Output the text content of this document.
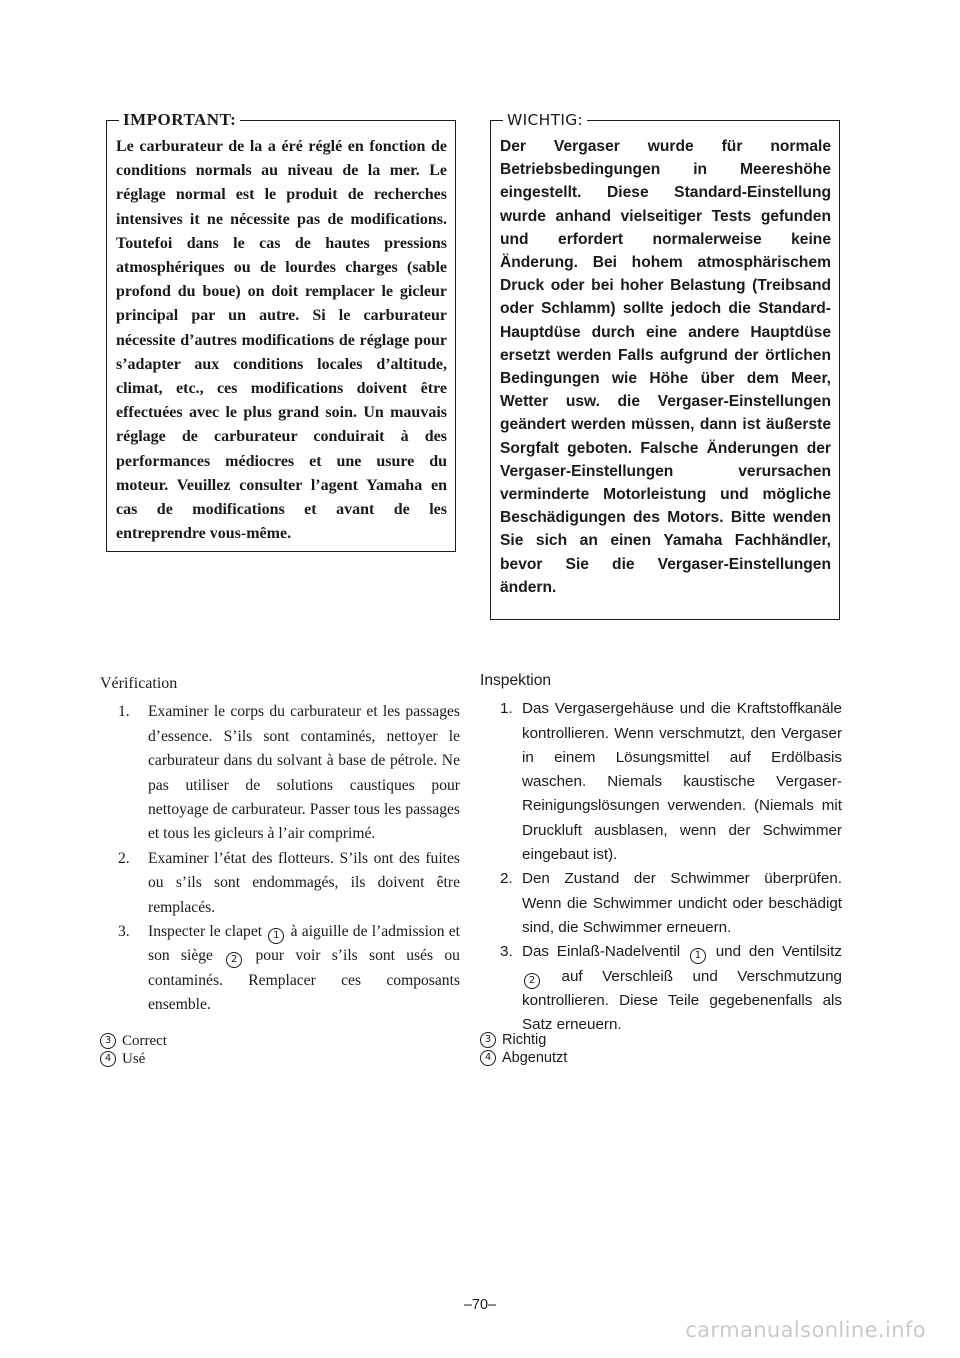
IMPORTANT:

Le carburateur de la a éré réglé en fonction de conditions normals au niveau de la mer. Le réglage normal est le produit de recherches intensives it ne nécessite pas de modifications. Toutefoi dans le cas de hautes pressions atmosphériques ou de lourdes charges (sable profond du boue) on doit remplacer le gicleur principal par un autre. Si le carburateur nécessite d’autres modifications de réglage pour s’adapter aux conditions locales d’altitude, climat, etc., ces modifications doivent être effectuées avec le plus grand soin. Un mauvais réglage de carburateur conduirait à des performances médiocres et une usure du moteur. Veuillez consulter l’agent Yamaha en cas de modifications et avant de les entreprendre vous-même.

WICHTIG:

Der Vergaser wurde für normale Betriebsbedingungen in Meereshöhe eingestellt. Diese Standard-Einstellung wurde anhand vielseitiger Tests gefunden und erfordert normalerweise keine Änderung. Bei hohem atmosphärischem Druck oder bei hoher Belastung (Treibsand oder Schlamm) sollte jedoch die Standard-Hauptdüse durch eine andere Hauptdüse ersetzt werden Falls aufgrund der örtlichen Bedingungen wie Höhe über dem Meer, Wetter usw. die Vergaser-Einstellungen geändert werden müssen, dann ist äußerste Sorgfalt geboten. Falsche Änderungen der Vergaser-Einstellungen verursachen verminderte Motorleistung und mögliche Beschädigungen des Motors. Bitte wenden Sie sich an einen Yamaha Fachhändler, bevor Sie die Vergaser-Einstellungen ändern.

Vérification
1. Examiner le corps du carburateur et les passages d’essence. S’ils sont contaminés, nettoyer le carburateur dans du solvant à base de pétrole. Ne pas utiliser de solutions caustiques pour nettoyage de carburateur. Passer tous les passages et tous les gicleurs à l’air comprimé.
2. Examiner l’état des flotteurs. S’ils ont des fuites ou s’ils sont endommagés, ils doivent être remplacés.
3. Inspecter le clapet 1 à aiguille de l’admission et son siège 2 pour voir s’ils sont usés ou contaminés. Remplacer ces composants ensemble.
Inspektion
1. Das Vergasergehäuse und die Kraftstoffkanäle kontrollieren. Wenn verschmutzt, den Vergaser in einem Lösungsmittel auf Erdölbasis waschen. Niemals kaustische Vergaser-Reinigungslösungen verwenden. (Niemals mit Druckluft ausblasen, wenn der Schwimmer eingebaut ist).
2. Den Zustand der Schwimmer überprüfen. Wenn die Schwimmer undicht oder beschädigt sind, die Schwimmer erneuern.
3. Das Einlaß-Nadelventil 1 und den Ventilsitz 2 auf Verschleiß und Verschmutzung kontrollieren. Diese Teile gegebenenfalls als Satz erneuern.
3 Correct
4 Usé
3 Richtig
4 Abgenutzt
–70–
carmanualsonline.info
